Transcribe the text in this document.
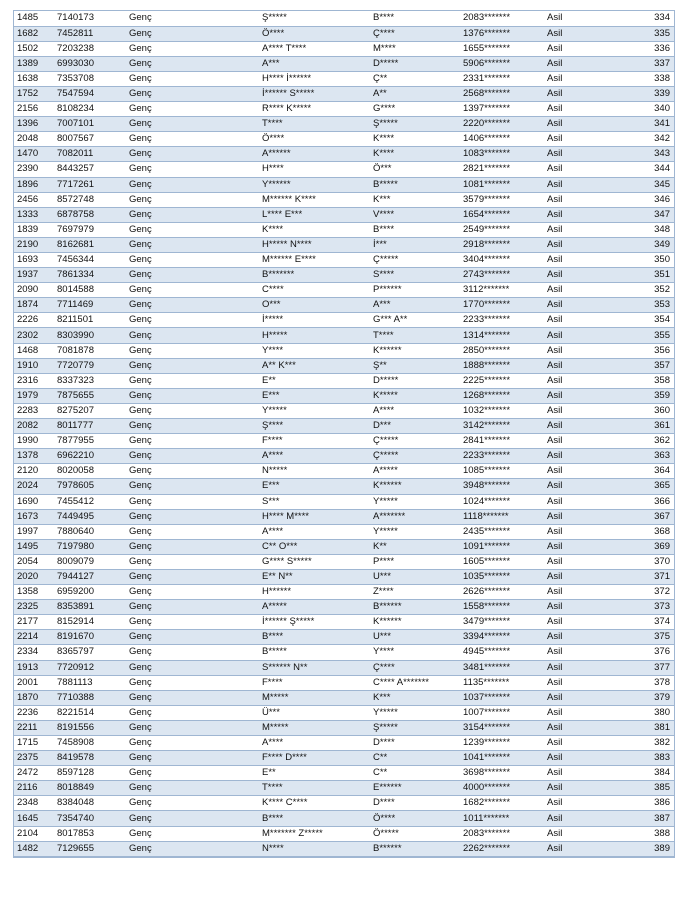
1485	7140173	Genç	Ş*****	B****	2083*******	Asil	334
1682	7452811	Genç	Ö****	Ç****	1376*******	Asil	335
1502	7203238	Genç	A**** T****	M****	1655*******	Asil	336
1389	6993030	Genç	A***	D*****	5906*******	Asil	337
1638	7353708	Genç	H**** İ******	Ç**	2331*******	Asil	338
1752	7547594	Genç	İ****** S*****	A**	2568*******	Asil	339
2156	8108234	Genç	R**** K*****	G****	1397*******	Asil	340
1396	7007101	Genç	T****	Ş*****	2220*******	Asil	341
2048	8007567	Genç	Ö****	K****	1406*******	Asil	342
1470	7082011	Genç	A******	K****	1083*******	Asil	343
2390	8443257	Genç	H****	Ö***	2821*******	Asil	344
1896	7717261	Genç	Y******	B*****	1081*******	Asil	345
2456	8572748	Genç	M****** K****	K***	3579*******	Asil	346
1333	6878758	Genç	L**** E***	V****	1654*******	Asil	347
1839	7697979	Genç	K****	B****	2549*******	Asil	348
2190	8162681	Genç	H***** N****	İ***	2918*******	Asil	349
1693	7456344	Genç	M****** E****	Ç*****	3404*******	Asil	350
1937	7861334	Genç	B*******	S****	2743*******	Asil	351
2090	8014588	Genç	C****	P******	3112*******	Asil	352
1874	7711469	Genç	O***	A***	1770*******	Asil	353
2226	8211501	Genç	İ*****	G*** A**	2233*******	Asil	354
2302	8303990	Genç	H*****	T****	1314*******	Asil	355
1468	7081878	Genç	Y****	K******	2850*******	Asil	356
1910	7720779	Genç	A** K***	Ş**	1888*******	Asil	357
2316	8337323	Genç	E**	D*****	2225*******	Asil	358
1979	7875655	Genç	E***	K*****	1268*******	Asil	359
2283	8275207	Genç	Y*****	A****	1032*******	Asil	360
2082	8011777	Genç	Ş****	D***	3142*******	Asil	361
1990	7877955	Genç	F****	Ç*****	2841*******	Asil	362
1378	6962210	Genç	A****	Ç*****	2233*******	Asil	363
2120	8020058	Genç	N*****	A*****	1085*******	Asil	364
2024	7978605	Genç	E***	K******	3948*******	Asil	365
1690	7455412	Genç	S***	Y*****	1024*******	Asil	366
1673	7449495	Genç	H**** M****	A*******	1118*******	Asil	367
1997	7880640	Genç	A****	Y*****	2435*******	Asil	368
1495	7197980	Genç	C** O***	K**	1091*******	Asil	369
2054	8009079	Genç	G**** S*****	P****	1605*******	Asil	370
2020	7944127	Genç	E** N**	U***	1035*******	Asil	371
1358	6959200	Genç	H******	Z****	2626*******	Asil	372
2325	8353891	Genç	A*****	B******	1558*******	Asil	373
2177	8152914	Genç	İ****** Ş*****	K******	3479*******	Asil	374
2214	8191670	Genç	B****	U***	3394*******	Asil	375
2334	8365797	Genç	B*****	Y****	4945*******	Asil	376
1913	7720912	Genç	S****** N**	Ç****	3481*******	Asil	377
2001	7881113	Genç	F****	C**** A*******	1135*******	Asil	378
1870	7710388	Genç	M*****	K***	1037*******	Asil	379
2236	8221514	Genç	Ü***	Y*****	1007*******	Asil	380
2211	8191556	Genç	M*****	Ş*****	3154*******	Asil	381
1715	7458908	Genç	A****	D****	1239*******	Asil	382
2375	8419578	Genç	F**** D****	C**	1041*******	Asil	383
2472	8597128	Genç	E**	C**	3698*******	Asil	384
2116	8018849	Genç	T****	E******	4000*******	Asil	385
2348	8384048	Genç	K**** C****	D****	1682*******	Asil	386
1645	7354740	Genç	B****	Ö****	1011*******	Asil	387
2104	8017853	Genç	M******* Z*****	Ö*****	2083*******	Asil	388
1482	7129655	Genç	N****	B******	2262*******	Asil	389
